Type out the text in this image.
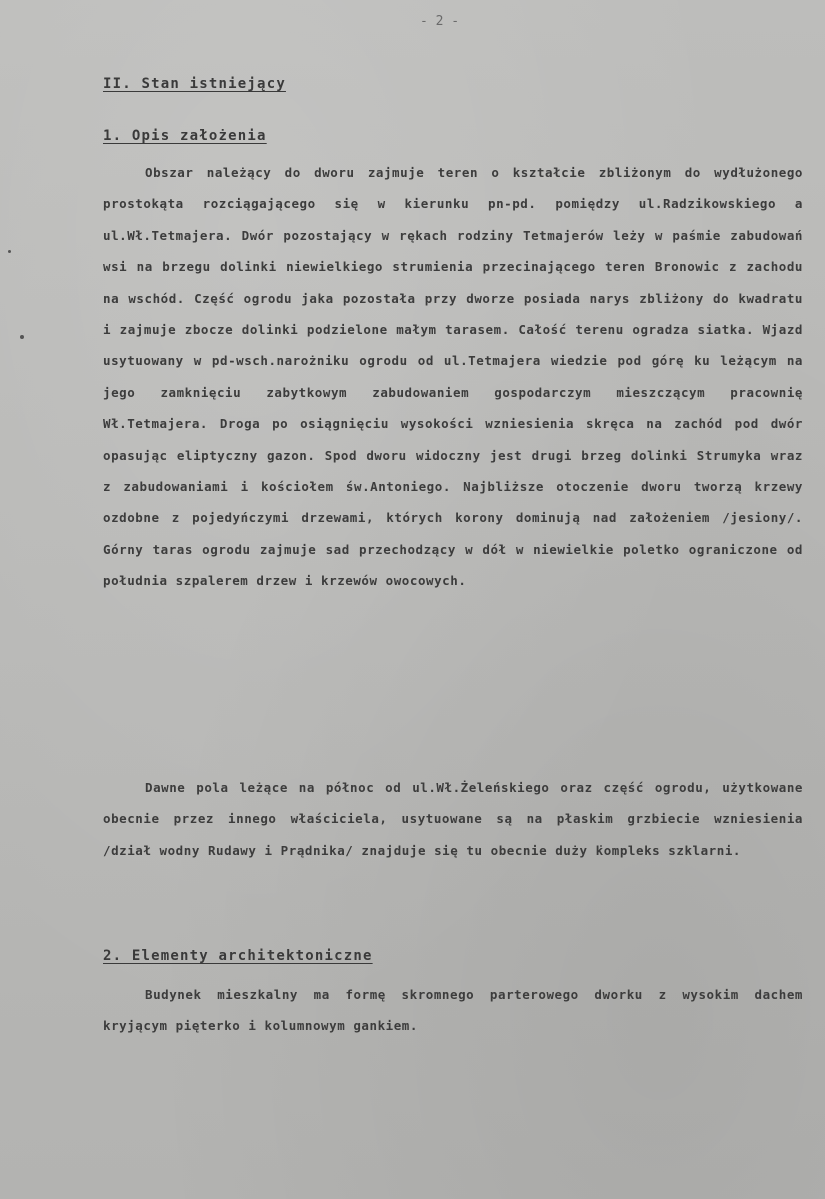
- 2 -
II. Stan istniejący
1. Opis założenia

Obszar należący do dworu zajmuje teren o kształcie zbliżonym do wydłużonego prostokąta rozciągającego się w kierunku pn-pd. pomiędzy ul.Radzikowskiego a ul.Wł.Tetmajera. Dwór pozostający w rękach rodziny Tetmajerów leży w paśmie zabudowań wsi na brzegu dolinki niewielkiego strumienia przecinającego teren Bronowic z zachodu na wschód. Część ogrodu jaka pozostała przy dworze posiada narys zbliżony do kwadratu i zajmuje zbocze dolinki podzielone małym tarasem. Całość terenu ogradza siatka. Wjazd usytuowany w pd-wsch.narożniku ogrodu od ul.Tetmajera wiedzie pod górę ku leżącym na jego zamknięciu zabytkowym zabudowaniem gospodarczym mieszczącym pracownię Wł.Tetmajera. Droga po osiągnięciu wysokości wzniesienia skręca na zachód pod dwór opasując eliptyczny gazon. Spod dworu widoczny jest drugi brzeg dolinki Strumyka wraz z zabudowaniami i kościołem św.Antoniego. Najbliższe otoczenie dworu tworzą krzewy ozdobne z pojedyńczymi drzewami, których korony dominują nad założeniem /jesiony/. Górny taras ogrodu zajmuje sad przechodzący w dół w niewielkie poletko ograniczone od południa szpalerem drzew i krzewów owocowych.

Dawne pola leżące na północ od ul.Wł.Żeleńskiego oraz część ogrodu, użytkowane obecnie przez innego właściciela, usytuowane są na płaskim grzbiecie wzniesienia /dział wodny Rudawy i Prądnika/ znajduje się tu obecnie duży kompleks szklarni.

2. Elementy architektoniczne

Budynek mieszkalny ma formę skromnego parterowego dworku z wysokim dachem kryjącym pięterko i kolumnowym gankiem.
